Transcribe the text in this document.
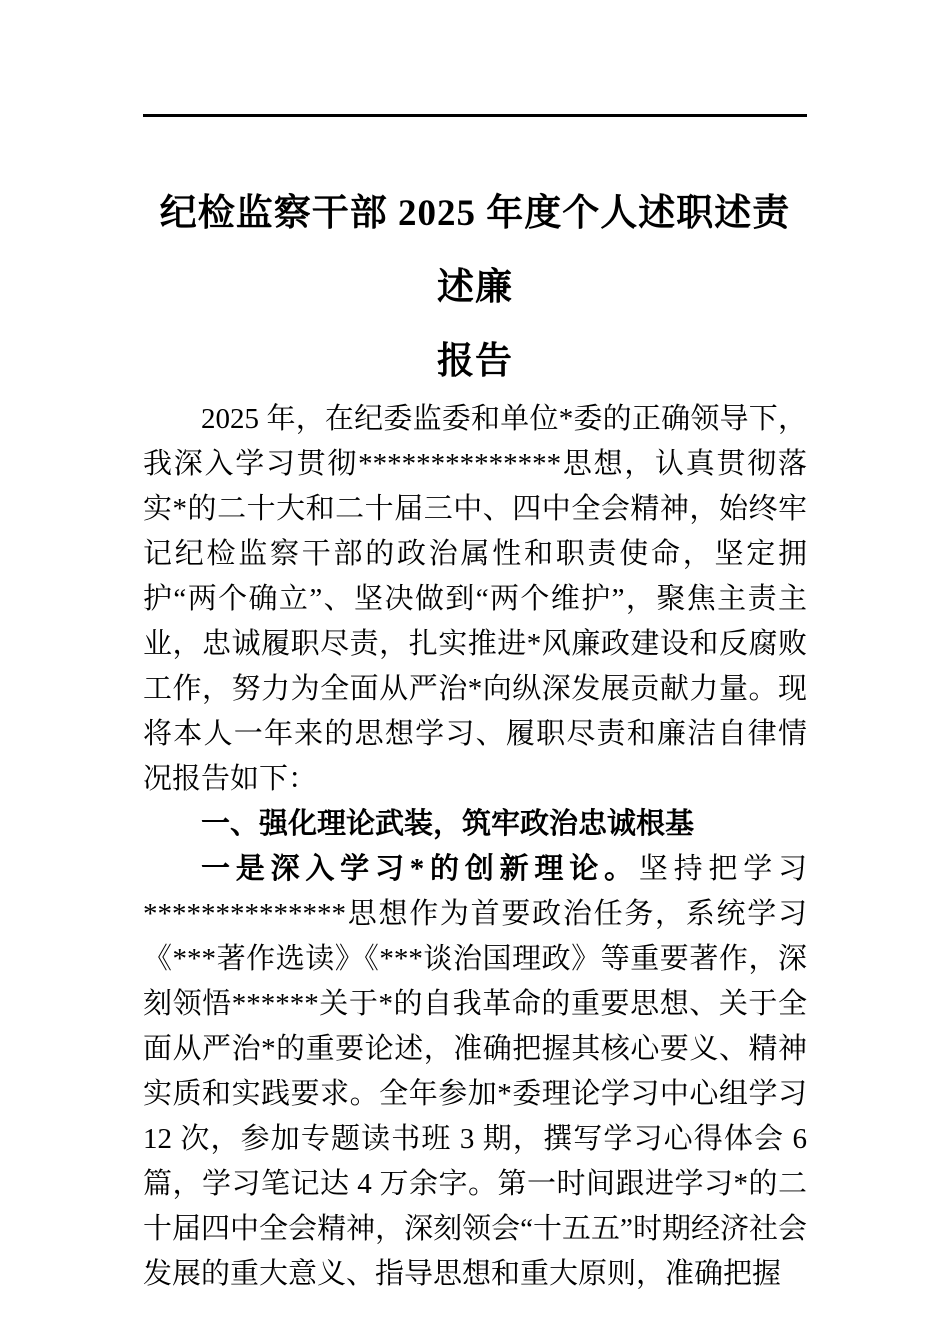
纪检监察干部 2025 年度个人述职述责述廉
报告

2025 年，在纪委监委和单位*委的正确领导下，我深入学习贯彻**************思想，认真贯彻落实*的二十大和二十届三中、四中全会精神，始终牢记纪检监察干部的政治属性和职责使命，坚定拥护“两个确立”、坚决做到“两个维护”，聚焦主责主业，忠诚履职尽责，扎实推进*风廉政建设和反腐败工作，努力为全面从严治*向纵深发展贡献力量。现将本人一年来的思想学习、履职尽责和廉洁自律情况报告如下：

一、强化理论武装，筑牢政治忠诚根基

一是深入学习*的创新理论。坚持把学习**************思想作为首要政治任务，系统学习《***著作选读》《***谈治国理政》等重要著作，深刻领悟******关于*的自我革命的重要思想、关于全面从严治*的重要论述，准确把握其核心要义、精神实质和实践要求。全年参加*委理论学习中心组学习 12 次，参加专题读书班 3 期，撰写学习心得体会 6 篇，学习笔记达 4 万余字。第一时间跟进学习*的二十届四中全会精神，深刻领会“十五五”时期经济社会发展的重大意义、指导思想和重大原则，准确把握
